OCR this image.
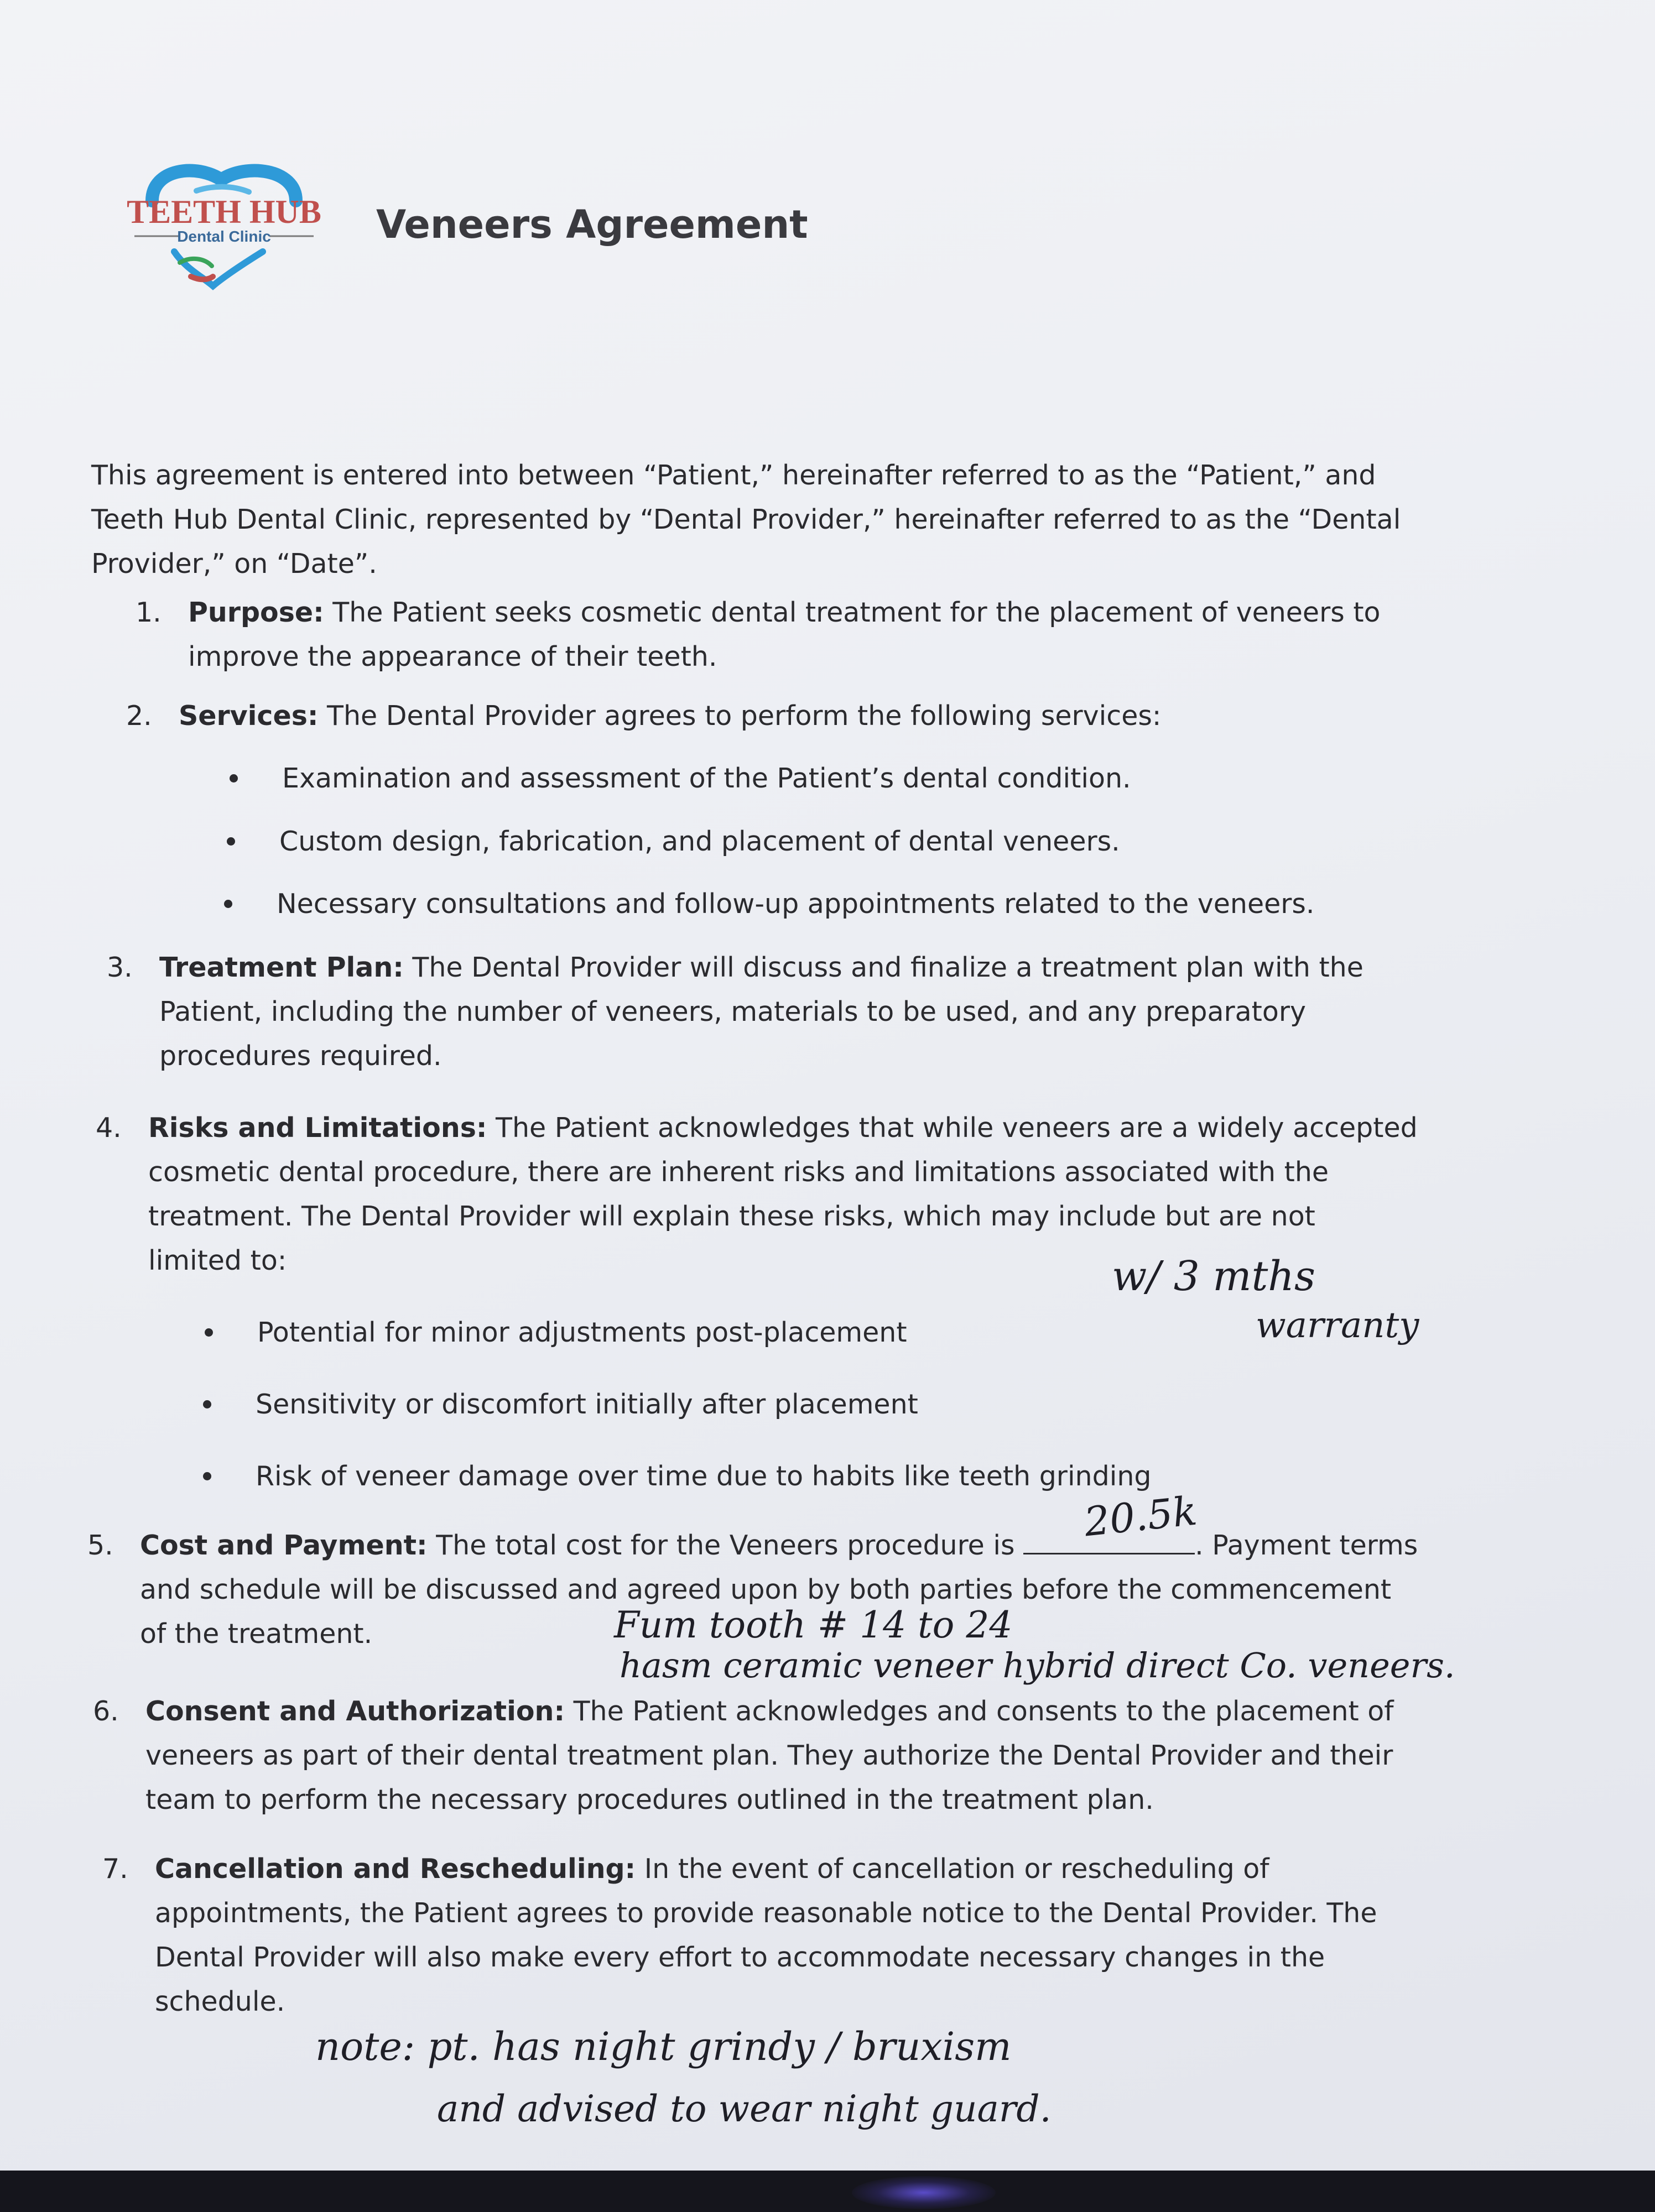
TEETH HUB
Dental Clinic	Veneers Agreement

This agreement is entered into between “Patient,” hereinafter referred to as the “Patient,” and

Teeth Hub Dental Clinic, represented by “Dental Provider,” hereinafter referred to as the “Dental

Provider,” on “Date”.

1. Purpose: The Patient seeks cosmetic dental treatment for the placement of veneers to

improve the appearance of their teeth.

2. Services: The Dental Provider agrees to perform the following services:

Examination and assessment of the Patient’s dental condition.
Custom design, fabrication, and placement of dental veneers.
Necessary consultations and follow-up appointments related to the veneers.
3. Treatment Plan: The Dental Provider will discuss and finalize a treatment plan with the

Patient, including the number of veneers, materials to be used, and any preparatory

procedures required.

4. Risks and Limitations: The Patient acknowledges that while veneers are a widely accepted

cosmetic dental procedure, there are inherent risks and limitations associated with the

treatment. The Dental Provider will explain these risks, which may include but are not

limited to:

Potential for minor adjustments post-placement
Sensitivity or discomfort initially after placement
Risk of veneer damage over time due to habits like teeth grinding
5. Cost and Payment: The total cost for the Veneers procedure is	. Payment terms

and schedule will be discussed and agreed upon by both parties before the commencement

of the treatment.

6. Consent and Authorization: The Patient acknowledges and consents to the placement of

veneers as part of their dental treatment plan. They authorize the Dental Provider and their

team to perform the necessary procedures outlined in the treatment plan.

7. Cancellation and Rescheduling: In the event of cancellation or rescheduling of

appointments, the Patient agrees to provide reasonable notice to the Dental Provider. The

Dental Provider will also make every effort to accommodate necessary changes in the

schedule.

w/ 3 mths
warranty
20.5k
Fum tooth # 14 to 24
hasm ceramic veneer hybrid direct Co. veneers.
note: pt. has night grindy / bruxism
and advised to wear night guard.
